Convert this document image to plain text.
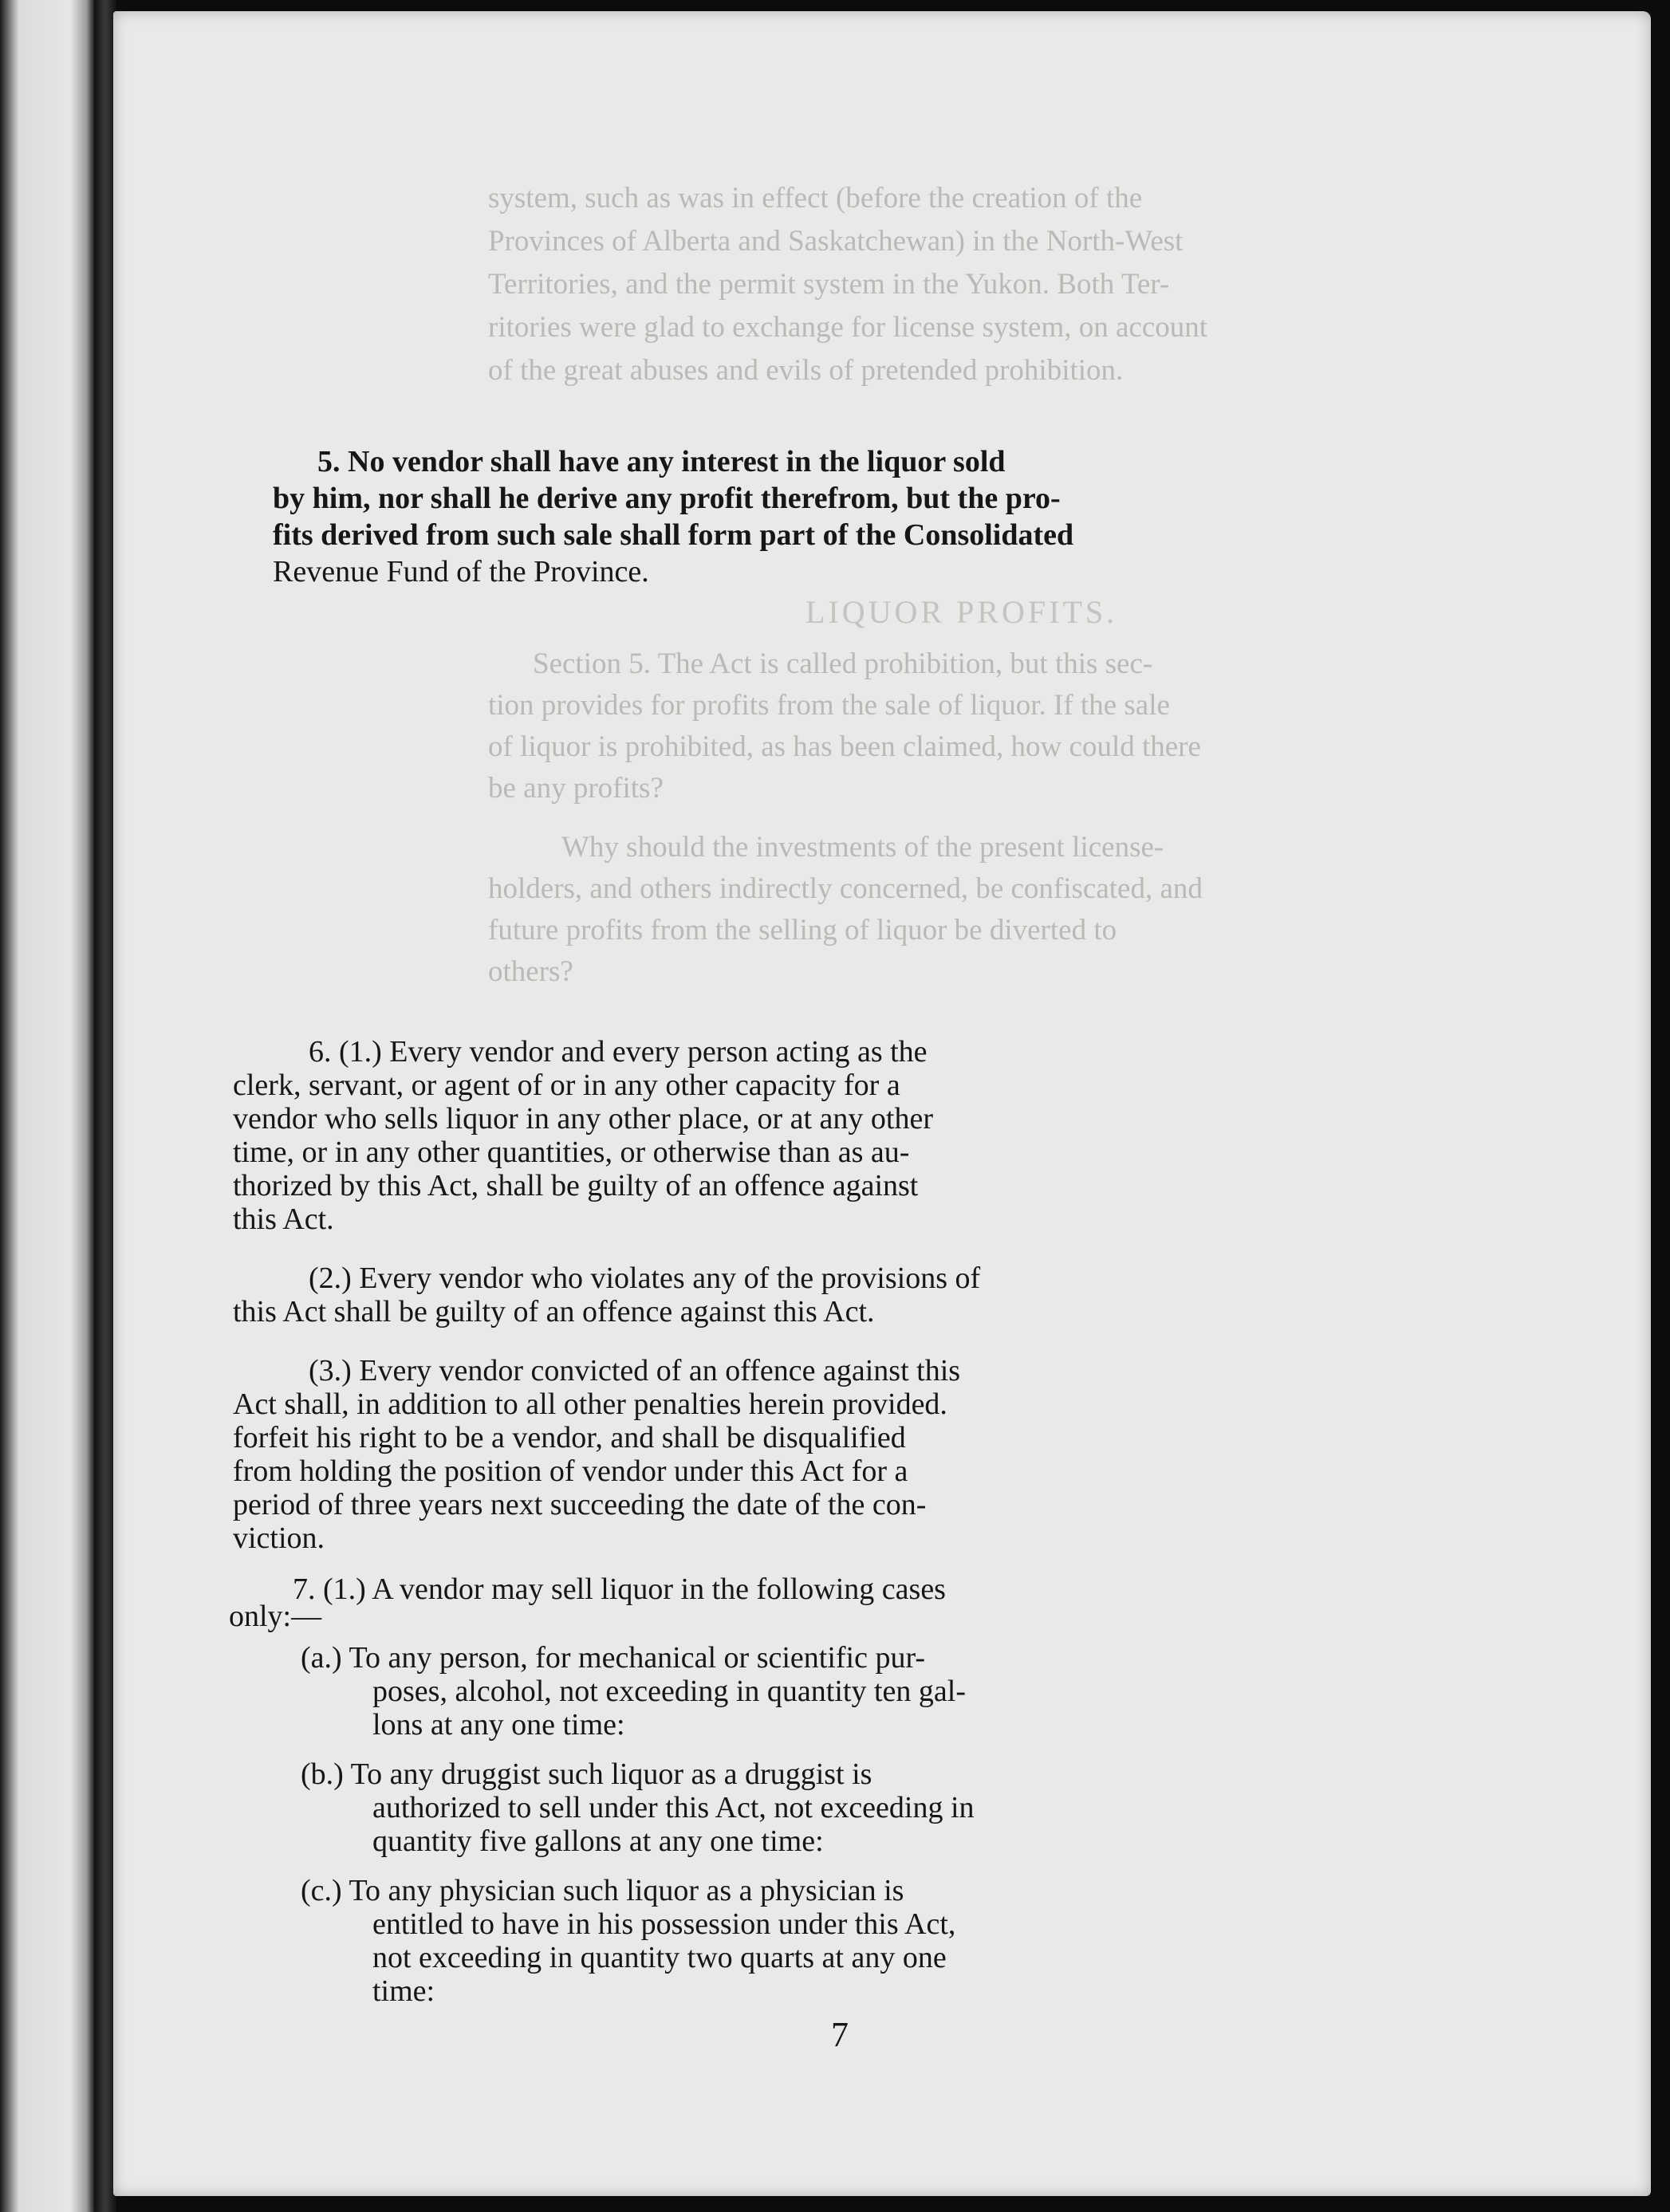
system, such as was in effect (before the creation of the
Provinces of Alberta and Saskatchewan) in the North-West
Territories, and the permit system in the Yukon. Both Ter-
ritories were glad to exchange for license system, on account
of the great abuses and evils of pretended prohibition.
5. No vendor shall have any interest in the liquor sold
by him, nor shall he derive any profit therefrom, but the pro-
fits derived from such sale shall form part of the Consolidated
Revenue Fund of the Province.
LIQUOR PROFITS.
Section 5. The Act is called prohibition, but this sec-
tion provides for profits from the sale of liquor. If the sale
of liquor is prohibited, as has been claimed, how could there
be any profits?
Why should the investments of the present license-
holders, and others indirectly concerned, be confiscated, and
future profits from the selling of liquor be diverted to
others?
6. (1.) Every vendor and every person acting as the
clerk, servant, or agent of or in any other capacity for a
vendor who sells liquor in any other place, or at any other
time, or in any other quantities, or otherwise than as au-
thorized by this Act, shall be guilty of an offence against
this Act.
(2.) Every vendor who violates any of the provisions of
this Act shall be guilty of an offence against this Act.
(3.) Every vendor convicted of an offence against this
Act shall, in addition to all other penalties herein provided.
forfeit his right to be a vendor, and shall be disqualified
from holding the position of vendor under this Act for a
period of three years next succeeding the date of the con-
viction.
7. (1.) A vendor may sell liquor in the following cases
only:—
(a.) To any person, for mechanical or scientific pur-
poses, alcohol, not exceeding in quantity ten gal-
lons at any one time:
(b.) To any druggist such liquor as a druggist is
authorized to sell under this Act, not exceeding in
quantity five gallons at any one time:
(c.) To any physician such liquor as a physician is
entitled to have in his possession under this Act,
not exceeding in quantity two quarts at any one
time:
7
